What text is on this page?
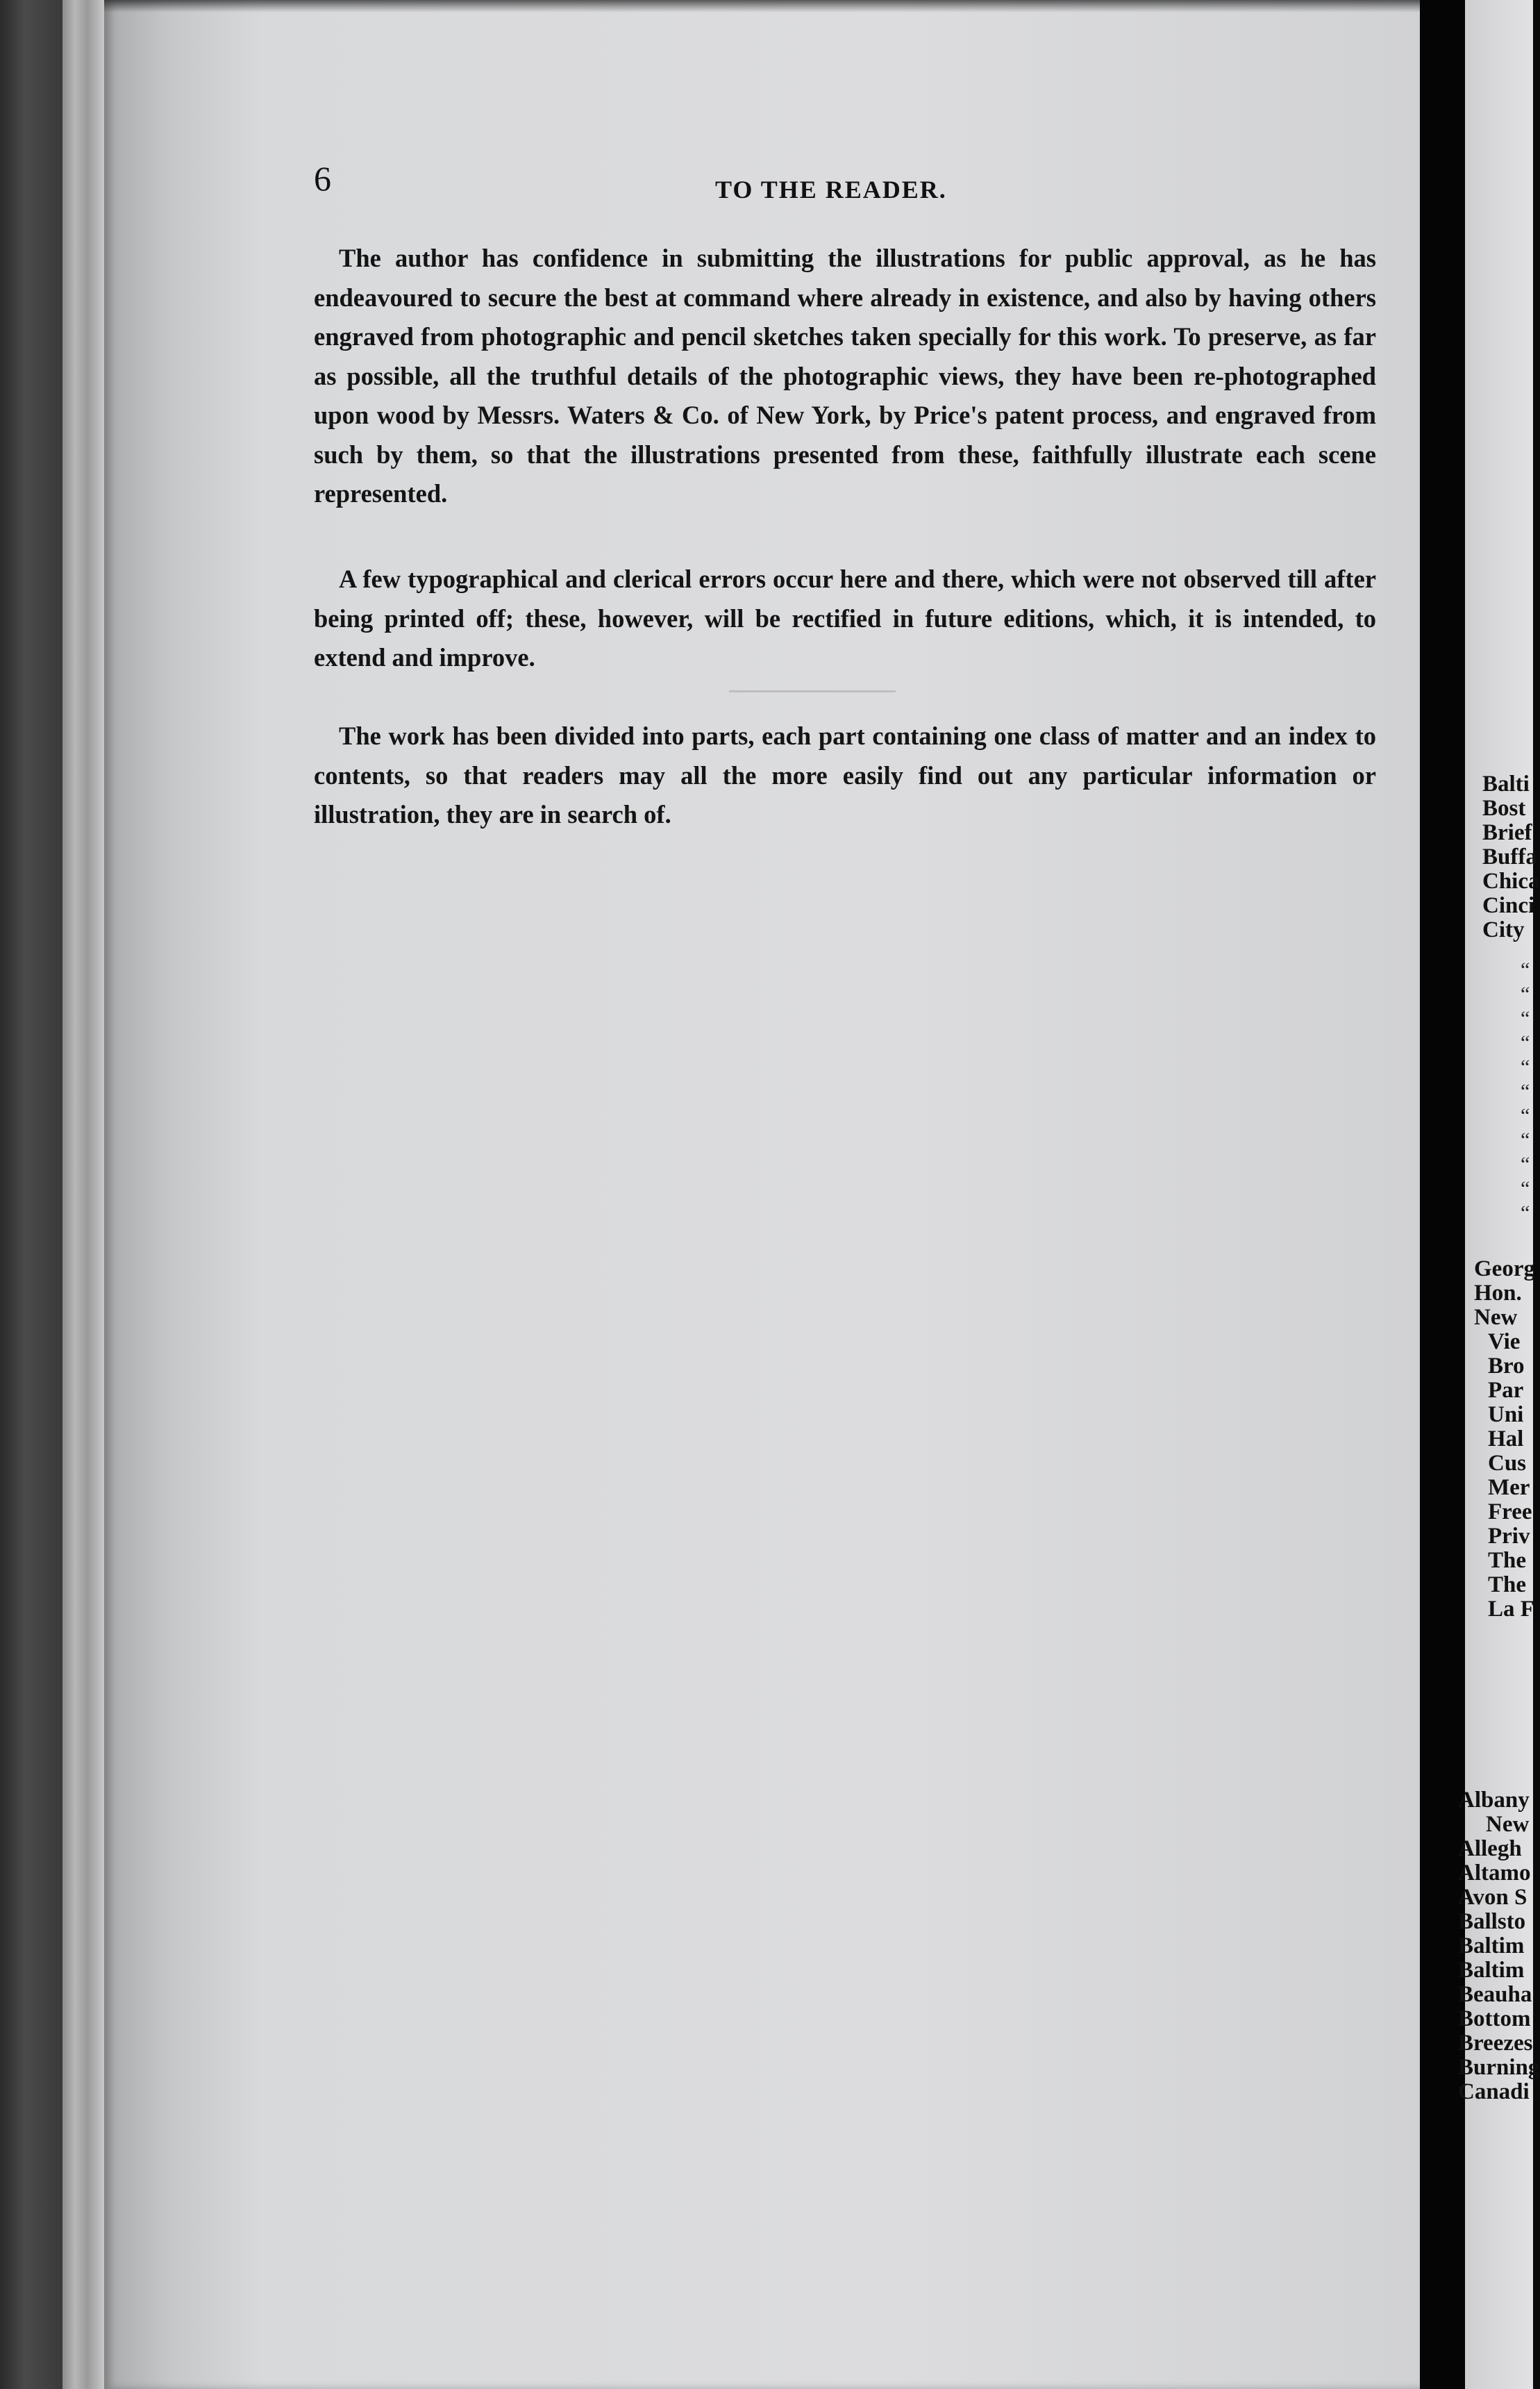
6	TO THE READER.
The author has confidence in submitting the illustrations for public approval, as he has endeavoured to secure the best at command where already in existence, and also by having others engraved from photographic and pencil sketches taken specially for this work. To preserve, as far as possible, all the truthful details of the photographic views, they have been re-photographed upon wood by Messrs. Waters & Co. of New York, by Price's patent process, and engraved from such by them, so that the illustrations presented from these, faithfully illustrate each scene represented.
A few typographical and clerical errors occur here and there, which were not observed till after being printed off; these, however, will be rectified in future editions, which, it is intended, to extend and improve.
The work has been divided into parts, each part containing one class of matter and an index to contents, so that readers may all the more easily find out any particular information or illustration, they are in search of.
Balti
Bost
Brief
Buffa
Chica
Cinci
City
“
“
“
“
“
“
“
“
“
“
“
Georg
Hon.
New
Vie
Bro
Par
Uni
Hal
Cus
Mer
Free
Priv
The
The
La F
Albany
New
Allegh
Altamo
Avon S
Ballsto
Baltim
Baltim
Beauha
Bottom
Breezes
Burning
Canadi
